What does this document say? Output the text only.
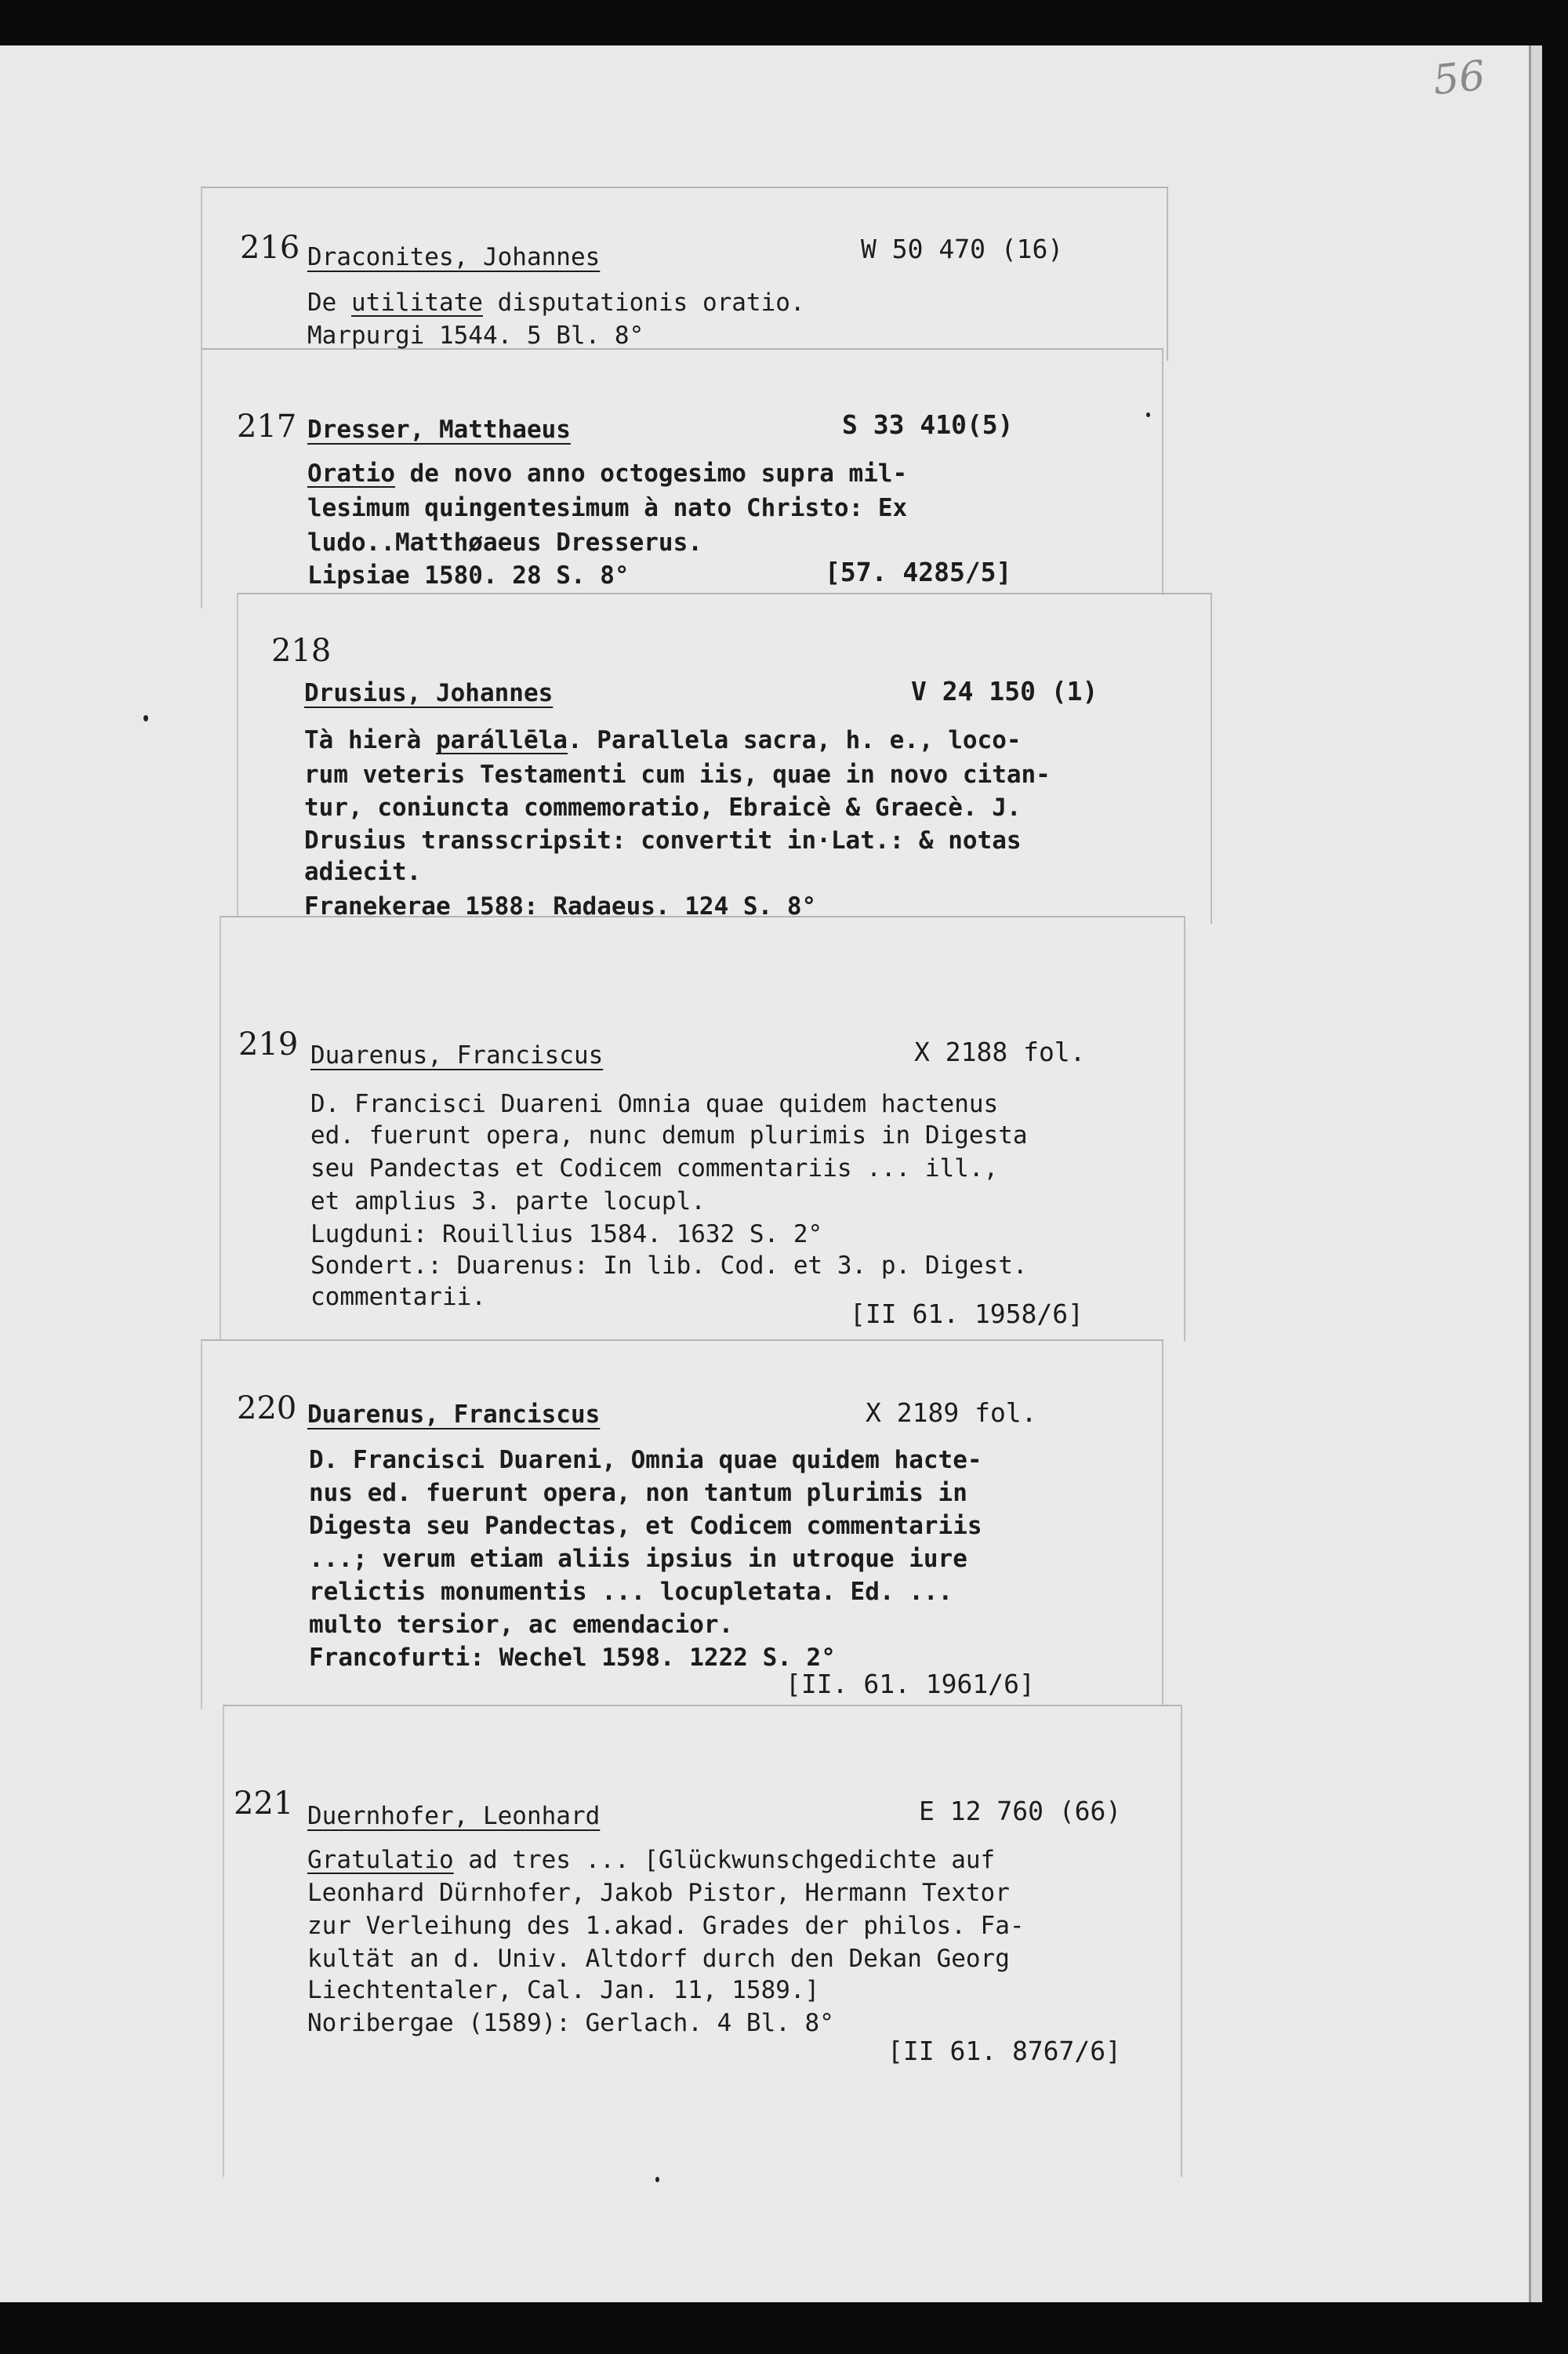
56
216 Draconites, Johannes	W 50 470 (16)
De utilitate disputationis oratio.
Marpurgi 1544. 5 Bl. 8°
217 Dresser, Matthaeus	S 33 410(5)
Oratio de novo anno octogesimo supra mil-
lesimum quingentesimum à nato Christo: Ex
ludo..Matthøaeus Dresserus.
Lipsiae 1580. 28 S. 8°	[57. 4285/5]
218
Drusius, Johannes	V 24 150 (1)
Tà hierà parállēla. Parallela sacra, h. e., loco-
rum veteris Testamenti cum iis, quae in novo citan-
tur, coniuncta commemoratio, Ebraicè & Graecè. J.
Drusius transscripsit: convertit in·Lat.: & notas
adiecit.
Franekerae 1588: Radaeus. 124 S. 8°
219 Duarenus, Franciscus	X 2188 fol.
D. Francisci Duareni Omnia quae quidem hactenus
ed. fuerunt opera, nunc demum plurimis in Digesta
seu Pandectas et Codicem commentariis ... ill.,
et amplius 3. parte locupl.
Lugduni: Rouillius 1584. 1632 S. 2°
Sondert.: Duarenus: In lib. Cod. et 3. p. Digest.
commentarii.
[II 61. 1958/6]
220 Duarenus, Franciscus	X 2189 fol.
D. Francisci Duareni, Omnia quae quidem hacte-
nus ed. fuerunt opera, non tantum plurimis in
Digesta seu Pandectas, et Codicem commentariis
...; verum etiam aliis ipsius in utroque iure
relictis monumentis ... locupletata. Ed. ...
multo tersior, ac emendacior.
Francofurti: Wechel 1598. 1222 S. 2°
[II. 61. 1961/6]
221 Duernhofer, Leonhard	E 12 760 (66)
Gratulatio ad tres ... [Glückwunschgedichte auf
Leonhard Dürnhofer, Jakob Pistor, Hermann Textor
zur Verleihung des 1.akad. Grades der philos. Fa-
kultät an d. Univ. Altdorf durch den Dekan Georg
Liechtentaler, Cal. Jan. 11, 1589.]
Noribergae (1589): Gerlach. 4 Bl. 8°
[II 61. 8767/6]
